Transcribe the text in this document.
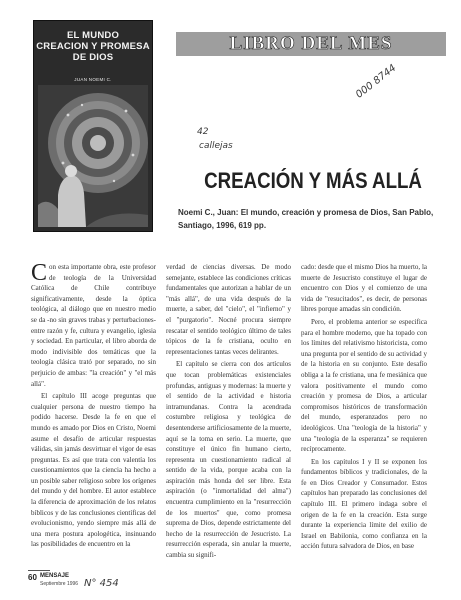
EL MUNDO
CREACION Y PROMESA
DE DIOS
JUAN NOEMI C.
LIBRO DEL MES
000 8744
42
callejas
N° 454
CREACIÓN Y MÁS ALLÁ
Noemi C., Juan: El mundo, creación y promesa de Dios, San Pablo, Santiago, 1996, 619 pp.

Con esta importante obra, este profesor de teología de la Universidad Católica de Chile contribuye significativamente, desde la óptica teológica, al diálogo que en nuestro medio se da -no sin graves trabas y perturbaciones- entre razón y fe, cultura y evangelio, iglesia y sociedad. En particular, el libro aborda de modo indivisible dos temáticas que la teología clásica trató por separado, no sin perjuicio de ambas: "la creación" y "el más allá".

El capítulo III acoge preguntas que cualquier persona de nuestro tiempo ha podido hacerse. Desde la fe en que el mundo es amado por Dios en Cristo, Noemi asume el desafío de articular respuestas válidas, sin jamás desvirtuar el vigor de esas preguntas. Es así que trata con valentía los cuestionamientos que la ciencia ha hecho a un posible saber religioso sobre los orígenes del mundo y del hombre. El autor establece la diferencia de aproximación de los relatos bíblicos y de las conclusiones científicas del evolucionismo, yendo siempre más allá de una mera postura apologética, insinuando las posibilidades de encuentro en la

verdad de ciencias diversas. De modo semejante, establece las condiciones críticas fundamentales que autorizan a hablar de un "más allá", de una vida después de la muerte, a saber, del "cielo", el "infierno" y el "purgatorio". Nocné procura siempre rescatar el sentido teológico último de tales tópicos de la fe cristiana, oculto en representaciones tantas veces delirantes.

El capítulo se cierra con dos artículos que tocan problemáticas existenciales profundas, antiguas y modernas: la muerte y el sentido de la actividad e historia intramundanas. Contra la acendrada costumbre religiosa y teológica de desentenderse artificiosamente de la muerte, aquí se la toma en serio. La muerte, que constituye el único fin humano cierto, representa un cuestionamiento radical al sentido de la vida, porque acaba con la aspiración más honda del ser libre. Esta aspiración (o "inmortalidad del alma") encuentra cumplimiento en la "resurrección de los muertos" que, como promesa suprema de Dios, depende estrictamente del hecho de la resurrección de Jesucristo. La resurrección esperada, sin anular la muerte, cambia su signifi-

cado: desde que el mismo Dios ha muerto, la muerte de Jesucristo constituye el lugar de encuentro con Dios y el comienzo de una vida de "resucitados", es decir, de personas libres porque amadas sin condición.

Pero, el problema anterior se especifica para el hombre moderno, que ha topado con los límites del relativismo historicista, como una pregunta por el sentido de su actividad y de la historia en su conjunto. Este desafío obliga a la fe cristiana, una fe mesiánica que valora positivamente el mundo como creación y promesa de Dios, a articular compromisos históricos de transformación del mundo, esperanzados pero no ideológicos. Una "teología de la historia" y una "teología de la esperanza" se requieren recíprocamente.

En los capítulos I y II se exponen los fundamentos bíblicos y tradicionales, de la fe en Dios Creador y Consumador. Estos capítulos han preparado las conclusiones del capítulo III. El primero indaga sobre el origen de la fe en la creación. Esta surge durante la experiencia límite del exilio de Israel en Babilonia, como confianza en la acción futura salvadora de Dios, en base

60 MENSAJE
Septiembre 1996
